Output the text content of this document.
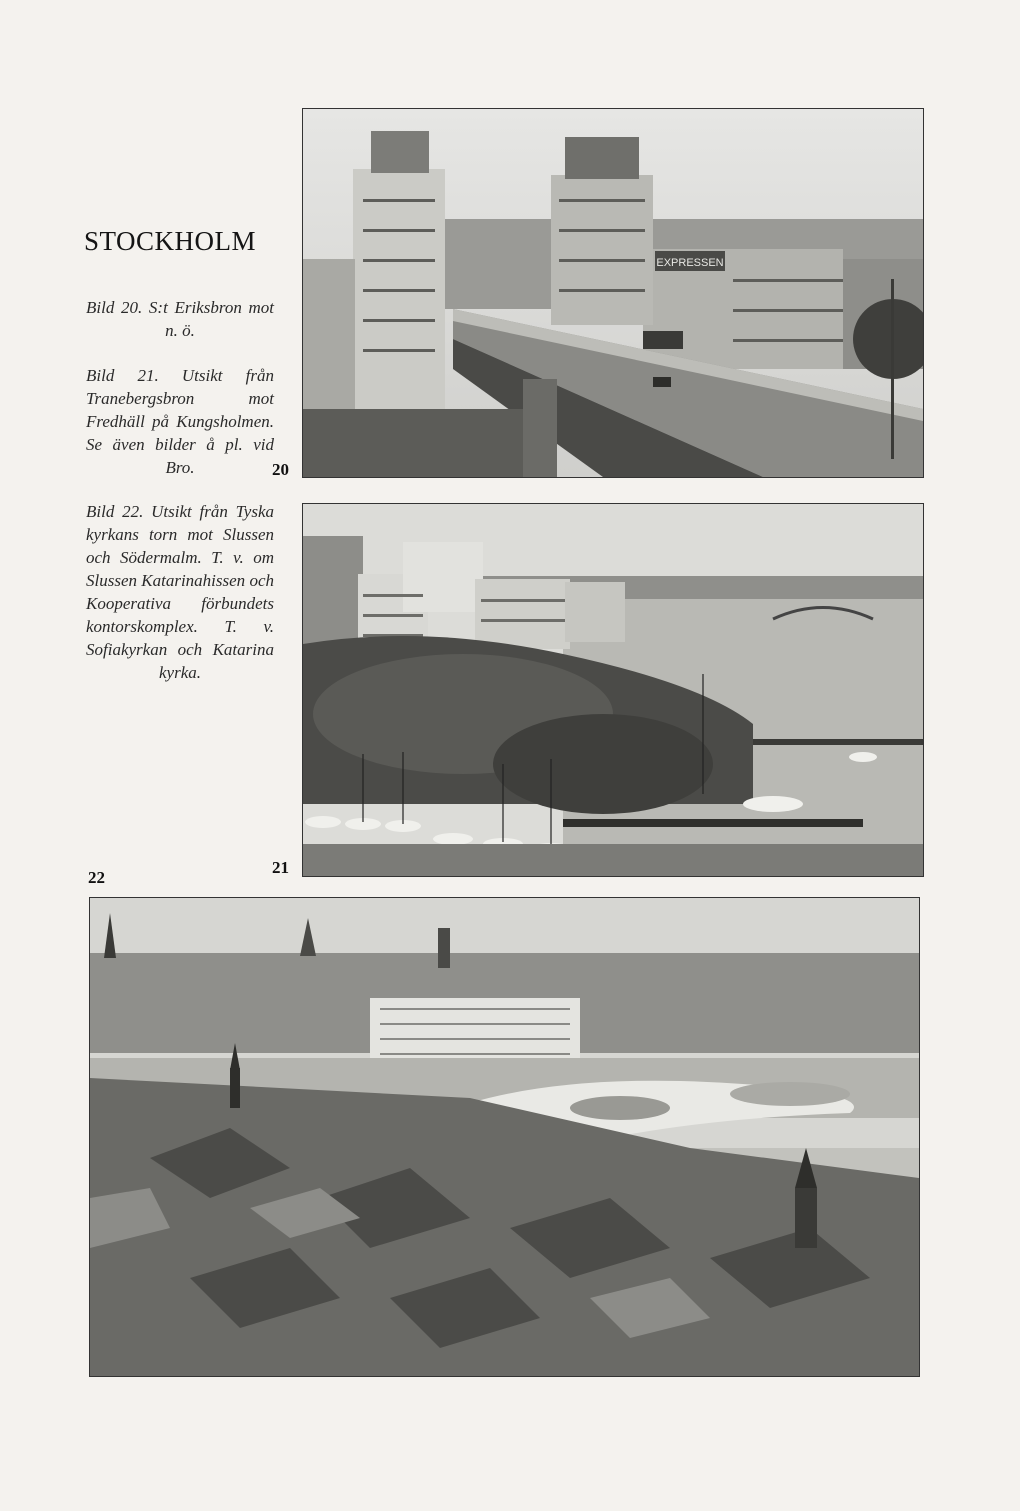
STOCKHOLM
Bild 20. S:t Eriksbron mot n. ö.
Bild 21. Utsikt från Tranebergsbron mot Fredhäll på Kungsholmen. Se även bilder å pl. vid Bro.
Bild 22. Utsikt från Tyska kyrkans torn mot Slussen och Södermalm. T. v. om Slussen Katarinahissen och Kooperativa förbundets kontorskomplex. T. v. Sofiakyrkan och Katarina kyrka.
EXPRESSEN
20
21
22
